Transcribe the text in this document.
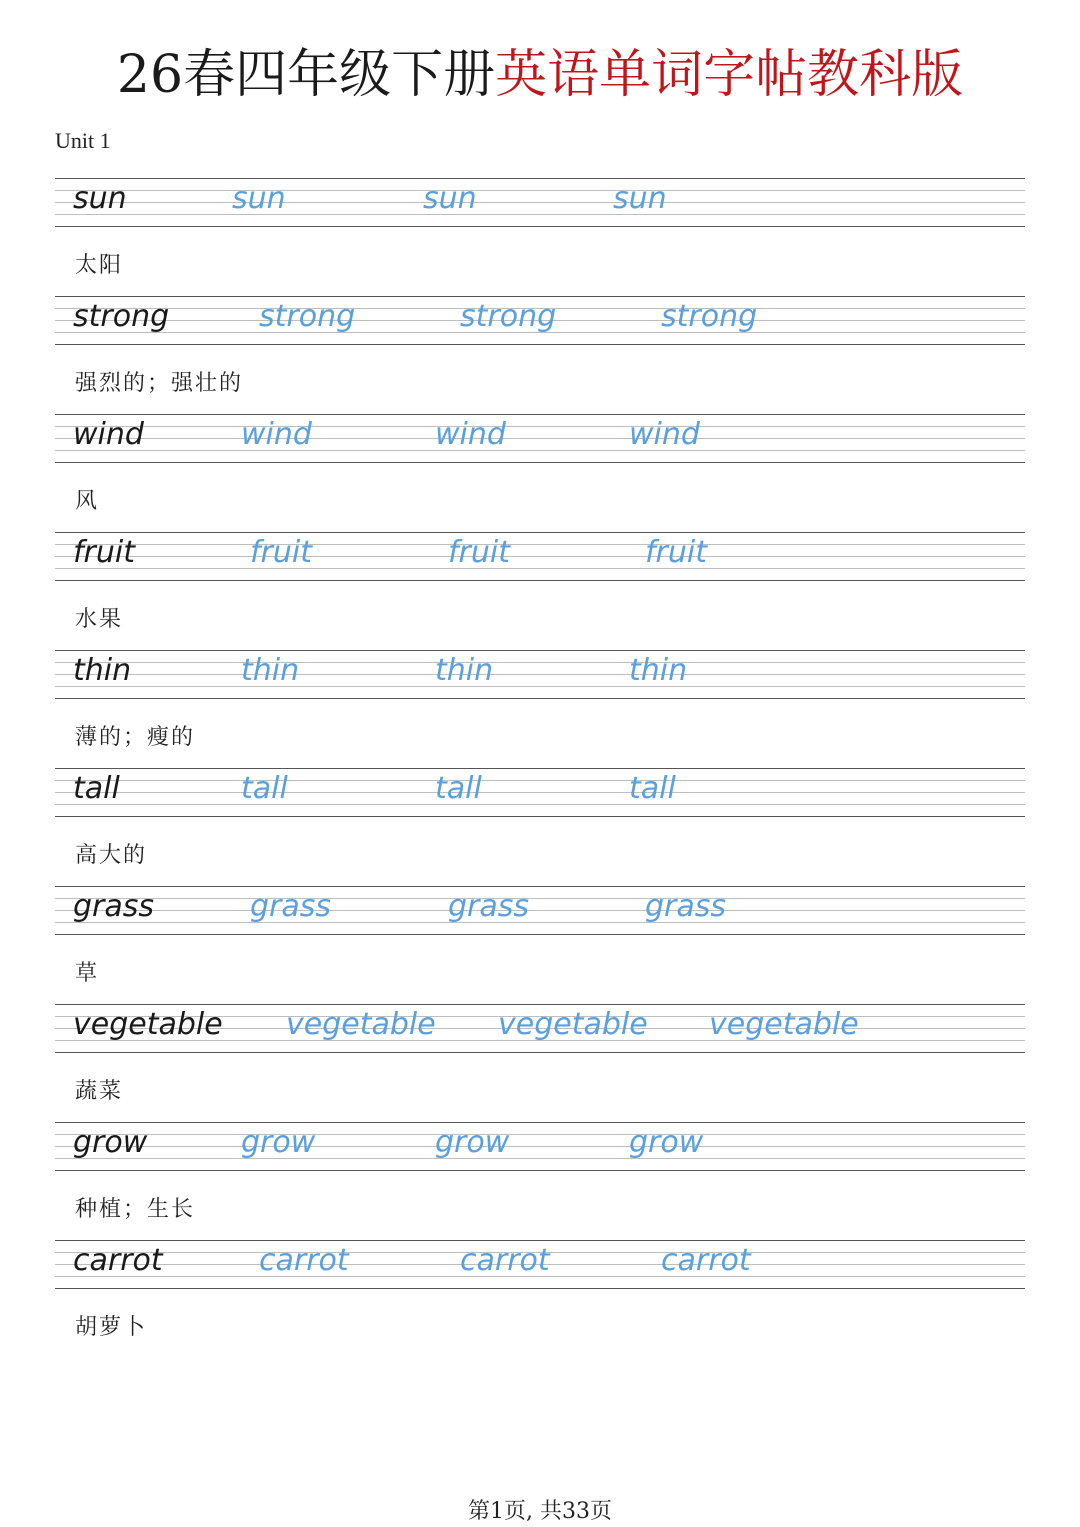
26春四年级下册英语单词字帖教科版
Unit 1
sun	sun	sun	sun
太阳
strong	strong	strong	strong
强烈的；强壮的
wind	wind	wind	wind
风
fruit	fruit	fruit	fruit
水果
thin	thin	thin	thin
薄的；瘦的
tall	tall	tall	tall
高大的
grass	grass	grass	grass
草
vegetable vegetable vegetable vegetable
蔬菜
grow	grow	grow	grow
种植；生长
carrot	carrot	carrot	carrot
胡萝卜
第1页, 共33页
